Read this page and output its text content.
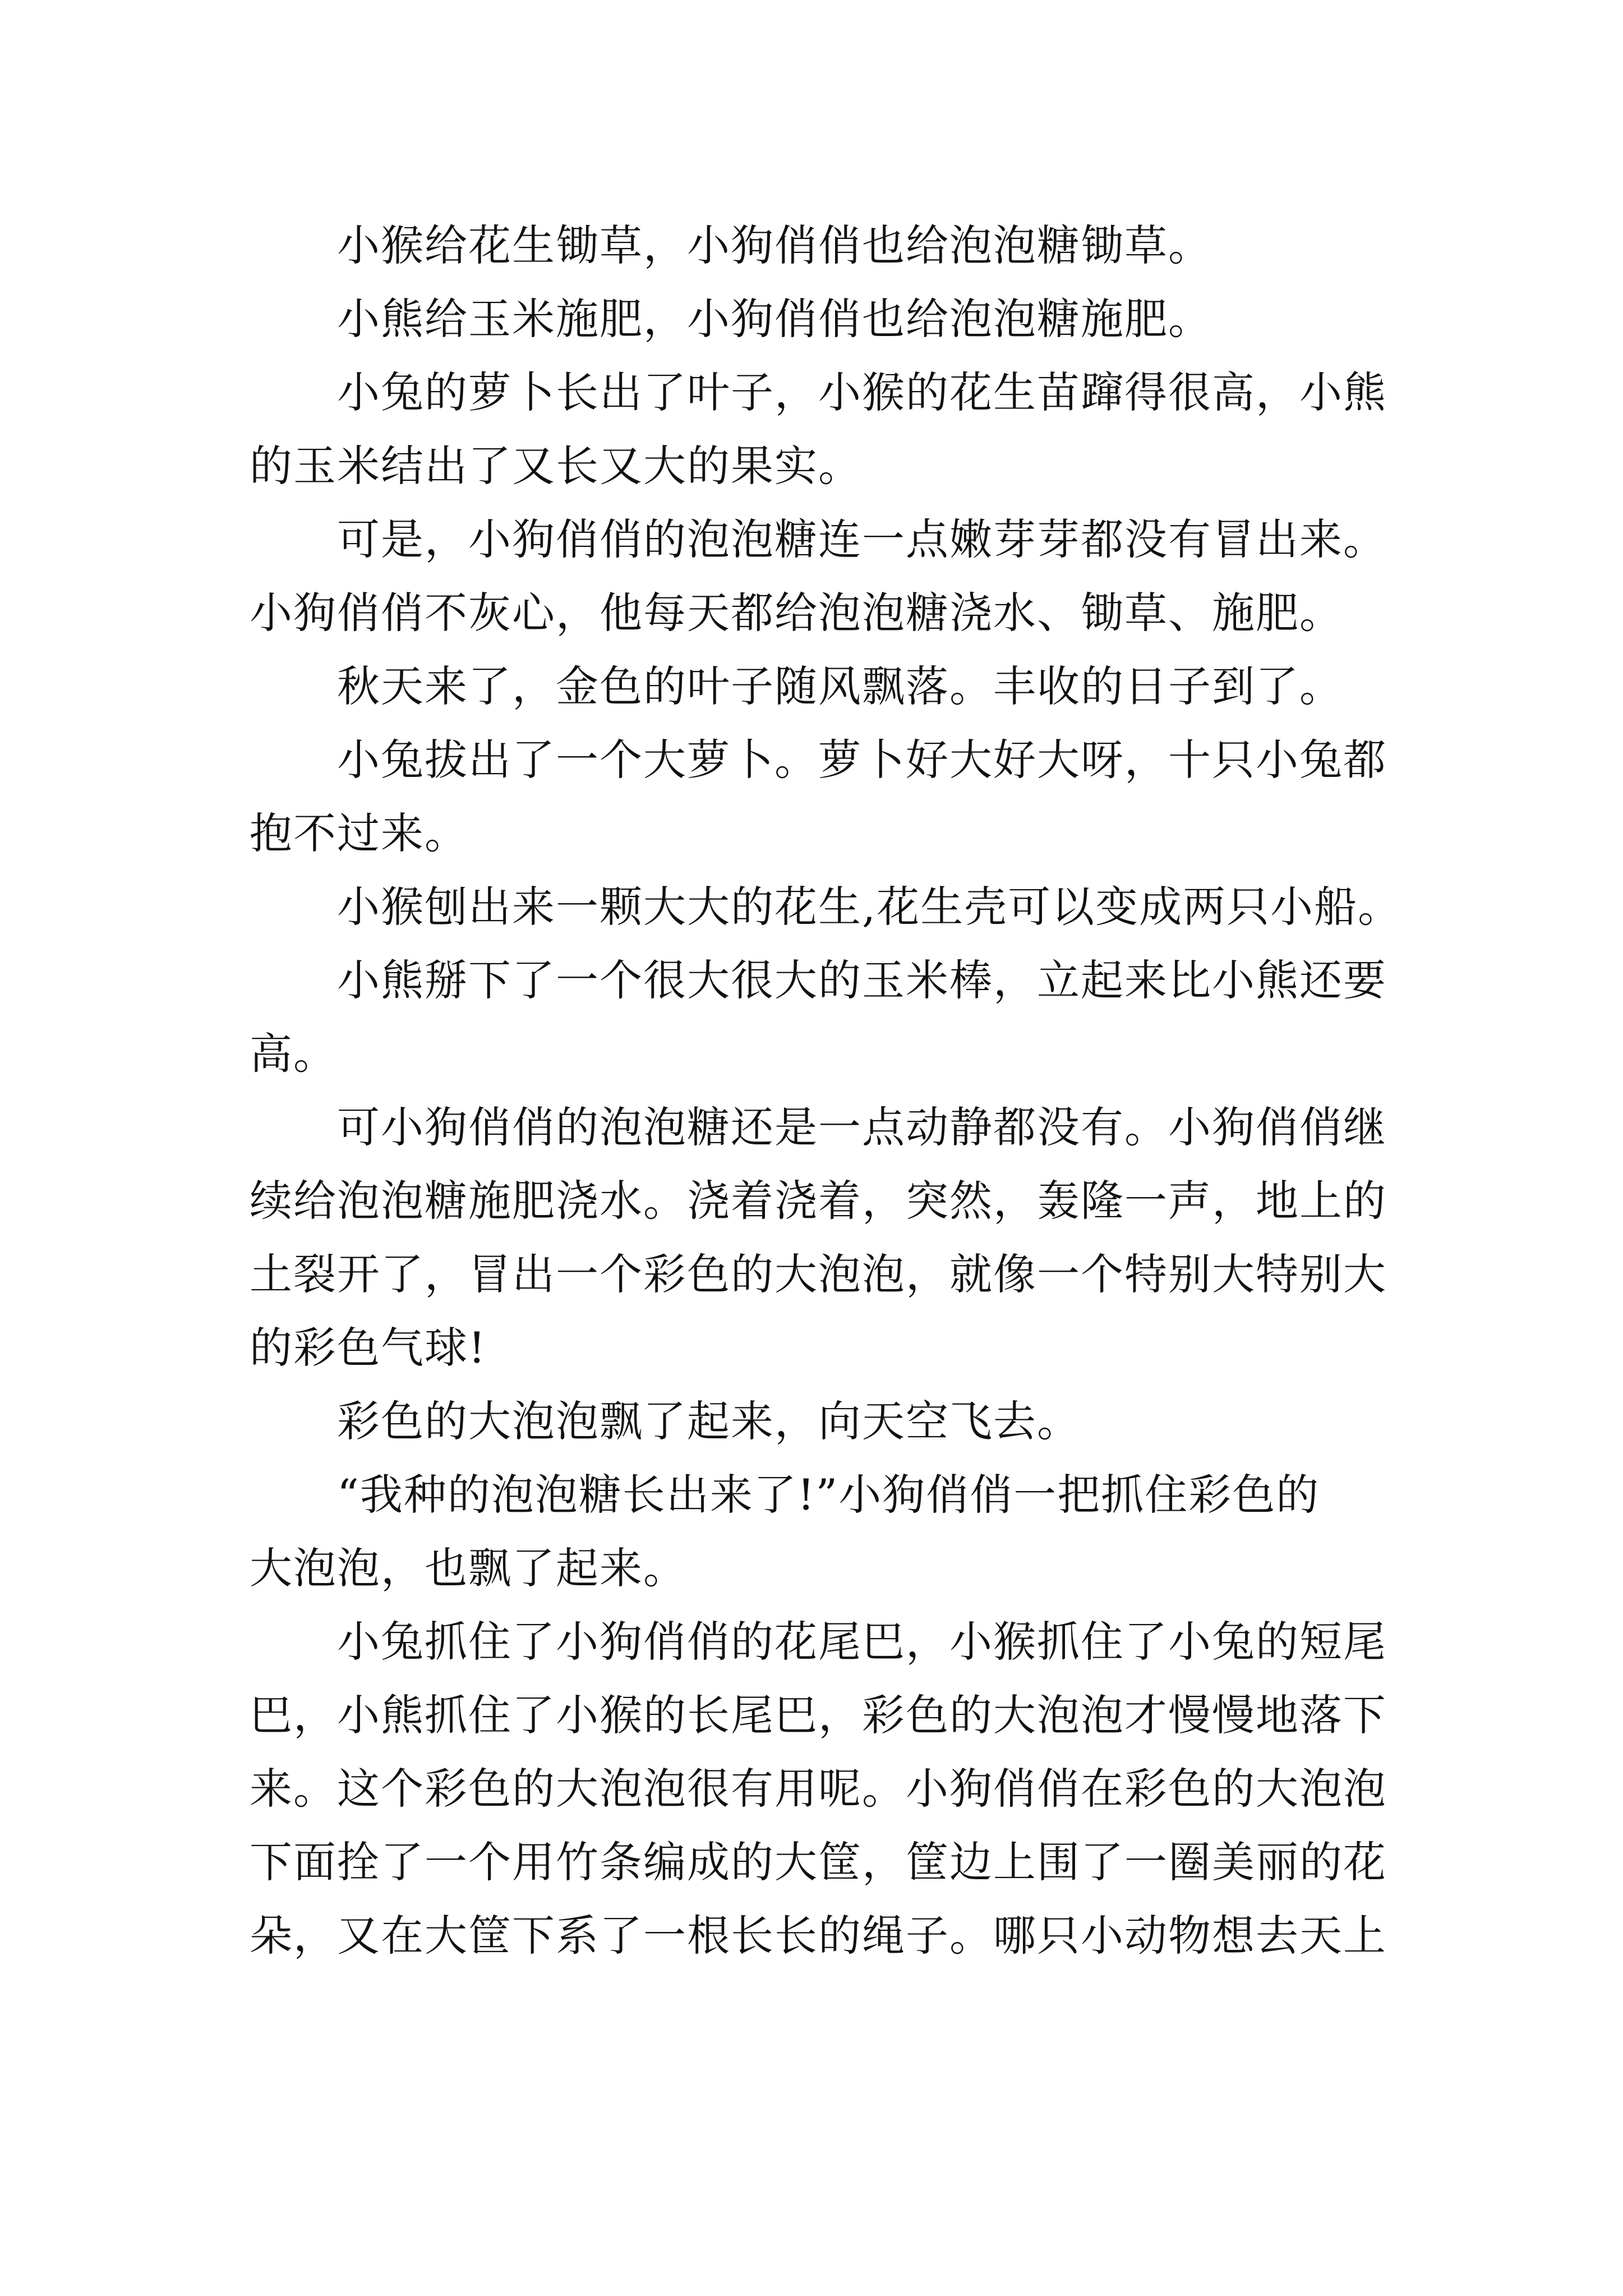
　　小猴给花生锄草，小狗俏俏也给泡泡糖锄草。
　　小熊给玉米施肥，小狗俏俏也给泡泡糖施肥。
　　小兔的萝卜长出了叶子，小猴的花生苗蹿得很高，小熊
的玉米结出了又长又大的果实。
　　可是，小狗俏俏的泡泡糖连一点嫩芽芽都没有冒出来。
小狗俏俏不灰心，他每天都给泡泡糖浇水、锄草、施肥。
　　秋天来了，金色的叶子随风飘落。丰收的日子到了。
　　小兔拔出了一个大萝卜。萝卜好大好大呀，十只小兔都
抱不过来。
　　小猴刨出来一颗大大的花生,花生壳可以变成两只小船。
　　小熊掰下了一个很大很大的玉米棒，立起来比小熊还要
高。
　　可小狗俏俏的泡泡糖还是一点动静都没有。小狗俏俏继
续给泡泡糖施肥浇水。浇着浇着，突然，轰隆一声，地上的
土裂开了，冒出一个彩色的大泡泡，就像一个特别大特别大
的彩色气球!
　　彩色的大泡泡飘了起来，向天空飞去。
　　“我种的泡泡糖长出来了!”小狗俏俏一把抓住彩色的
大泡泡，也飘了起来。
　　小兔抓住了小狗俏俏的花尾巴，小猴抓住了小兔的短尾
巴，小熊抓住了小猴的长尾巴，彩色的大泡泡才慢慢地落下
来。这个彩色的大泡泡很有用呢。小狗俏俏在彩色的大泡泡
下面拴了一个用竹条编成的大筐，筐边上围了一圈美丽的花
朵，又在大筐下系了一根长长的绳子。哪只小动物想去天上
